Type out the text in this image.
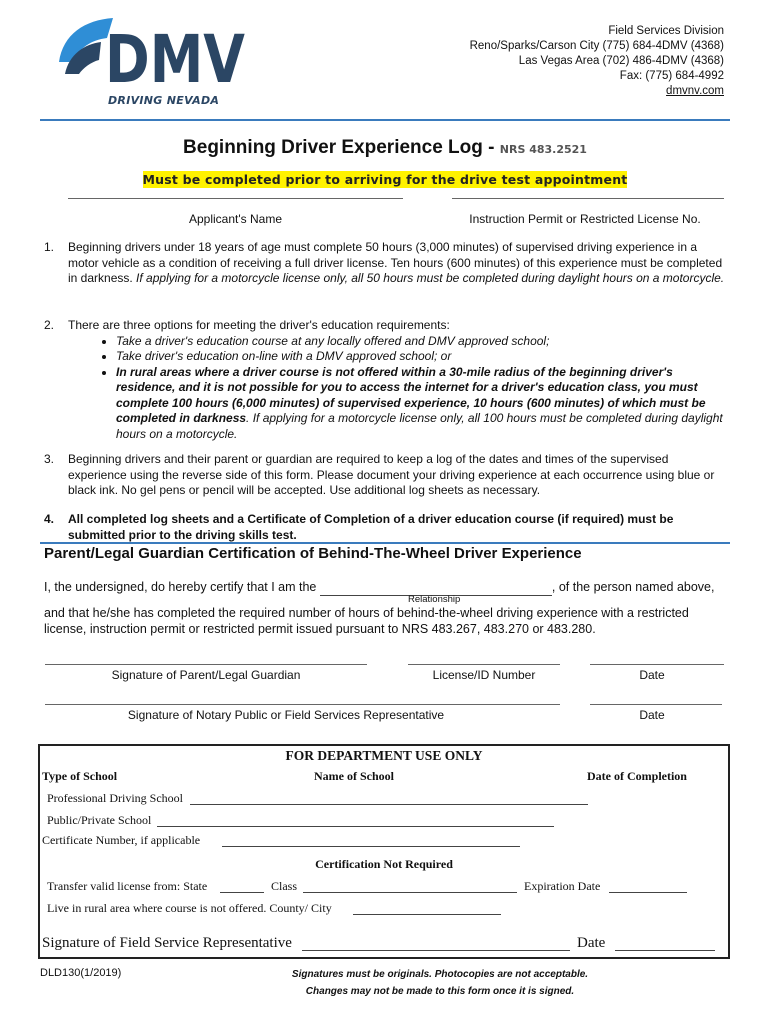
DMV
DRIVING NEVADA
Field Services Division
Reno/Sparks/Carson City (775) 684-4DMV (4368)
Las Vegas Area (702) 486-4DMV (4368)
Fax: (775) 684-4992
dmvnv.com
Beginning Driver Experience Log - NRS 483.2521
Must be completed prior to arriving for the drive test appointment
Applicant's Name	Instruction Permit or Restricted License No.
1. Beginning drivers under 18 years of age must complete 50 hours (3,000 minutes) of supervised driving experience in a motor vehicle as a condition of receiving a full driver license. Ten hours (600 minutes) of this experience must be completed in darkness. If applying for a motorcycle license only, all 50 hours must be completed during daylight hours on a motorcycle.
2. There are three options for meeting the driver's education requirements:
• Take a driver's education course at any locally offered and DMV approved school;
• Take driver's education on-line with a DMV approved school; or
• In rural areas where a driver course is not offered within a 30-mile radius of the beginning driver's residence, and it is not possible for you to access the internet for a driver's education class, you must complete 100 hours (6,000 minutes) of supervised experience, 10 hours (600 minutes) of which must be completed in darkness. If applying for a motorcycle license only, all 100 hours must be completed during daylight hours on a motorcycle.
3. Beginning drivers and their parent or guardian are required to keep a log of the dates and times of the supervised experience using the reverse side of this form. Please document your driving experience at each occurrence using blue or black ink. No gel pens or pencil will be accepted. Use additional log sheets as necessary.
4. All completed log sheets and a Certificate of Completion of a driver education course (if required) must be submitted prior to the driving skills test.
Parent/Legal Guardian Certification of Behind-The-Wheel Driver Experience
I, the undersigned, do hereby certify that I am the	, of the person named above,
Relationship
and that he/she has completed the required number of hours of behind-the-wheel driving experience with a restricted license, instruction permit or restricted permit issued pursuant to NRS 483.267, 483.270 or 483.280.
Signature of Parent/Legal Guardian	License/ID Number	Date
Signature of Notary Public or Field Services Representative	Date
FOR DEPARTMENT USE ONLY
Type of School	Name of School	Date of Completion
Professional Driving School
Public/Private School
Certificate Number, if applicable
Certification Not Required
Transfer valid license from: State	Class	Expiration Date
Live in rural area where course is not offered. County/ City
Signature of Field Service Representative	Date
DLD130(1/2019)	Signatures must be originals. Photocopies are not acceptable.
Changes may not be made to this form once it is signed.
